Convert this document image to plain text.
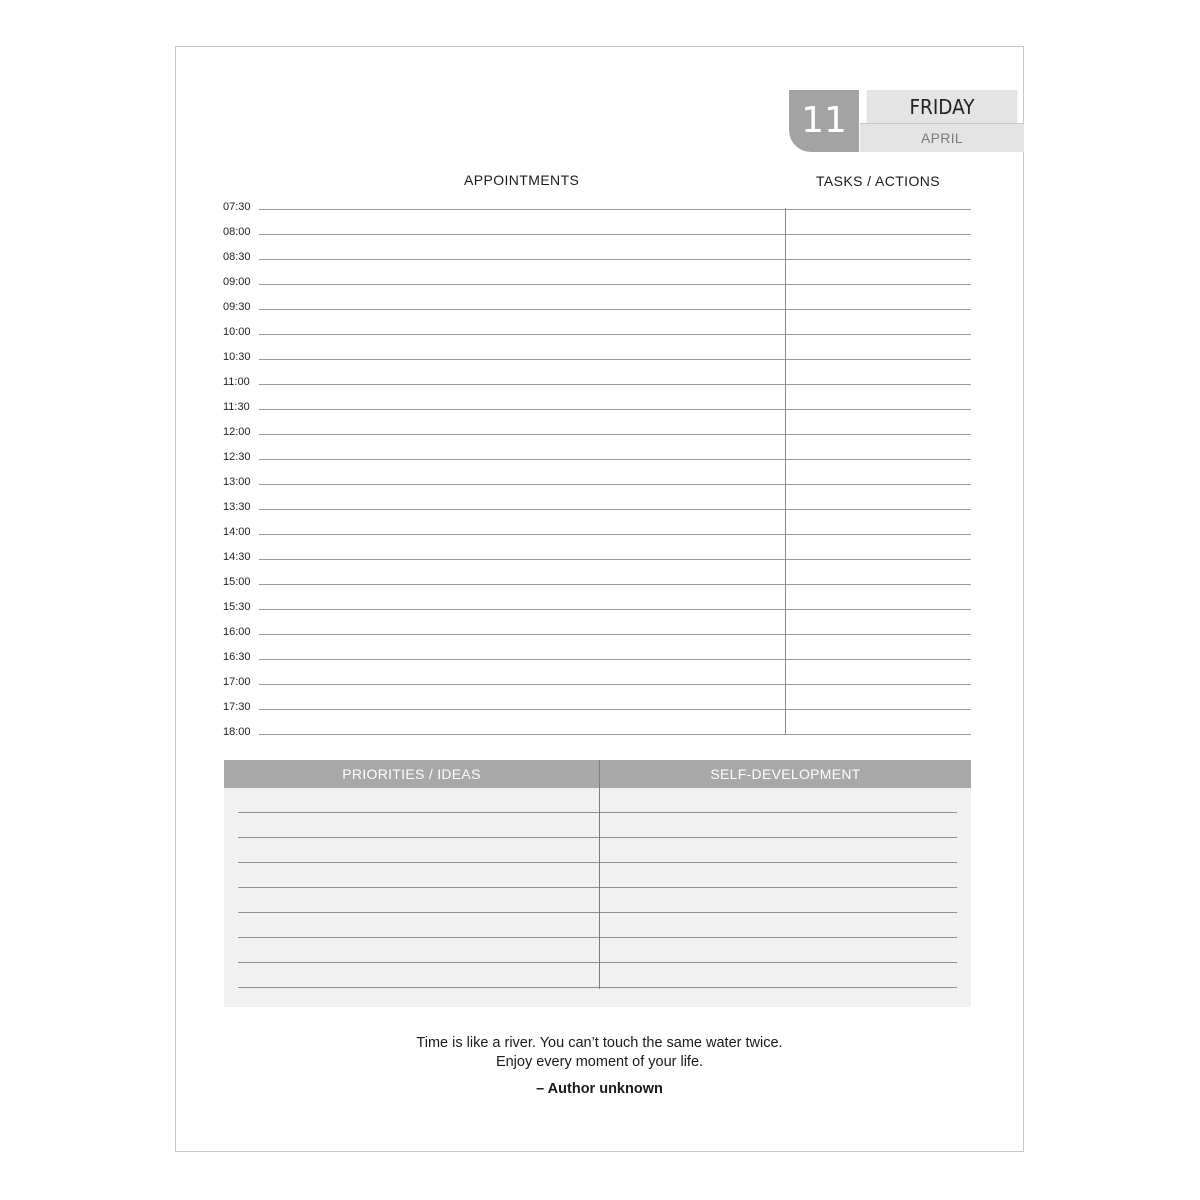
11	FRIDAY
APRIL
APPOINTMENTS	TASKS / ACTIONS
07:30
08:00
08:30
09:00
09:30
10:00
10:30
11:00
11:30
12:00
12:30
13:00
13:30
14:00
14:30
15:00
15:30
16:00
16:30
17:00
17:30
18:00
PRIORITIES / IDEAS	SELF-DEVELOPMENT
Time is like a river. You can’t touch the same water twice.
Enjoy every moment of your life.
– Author unknown
